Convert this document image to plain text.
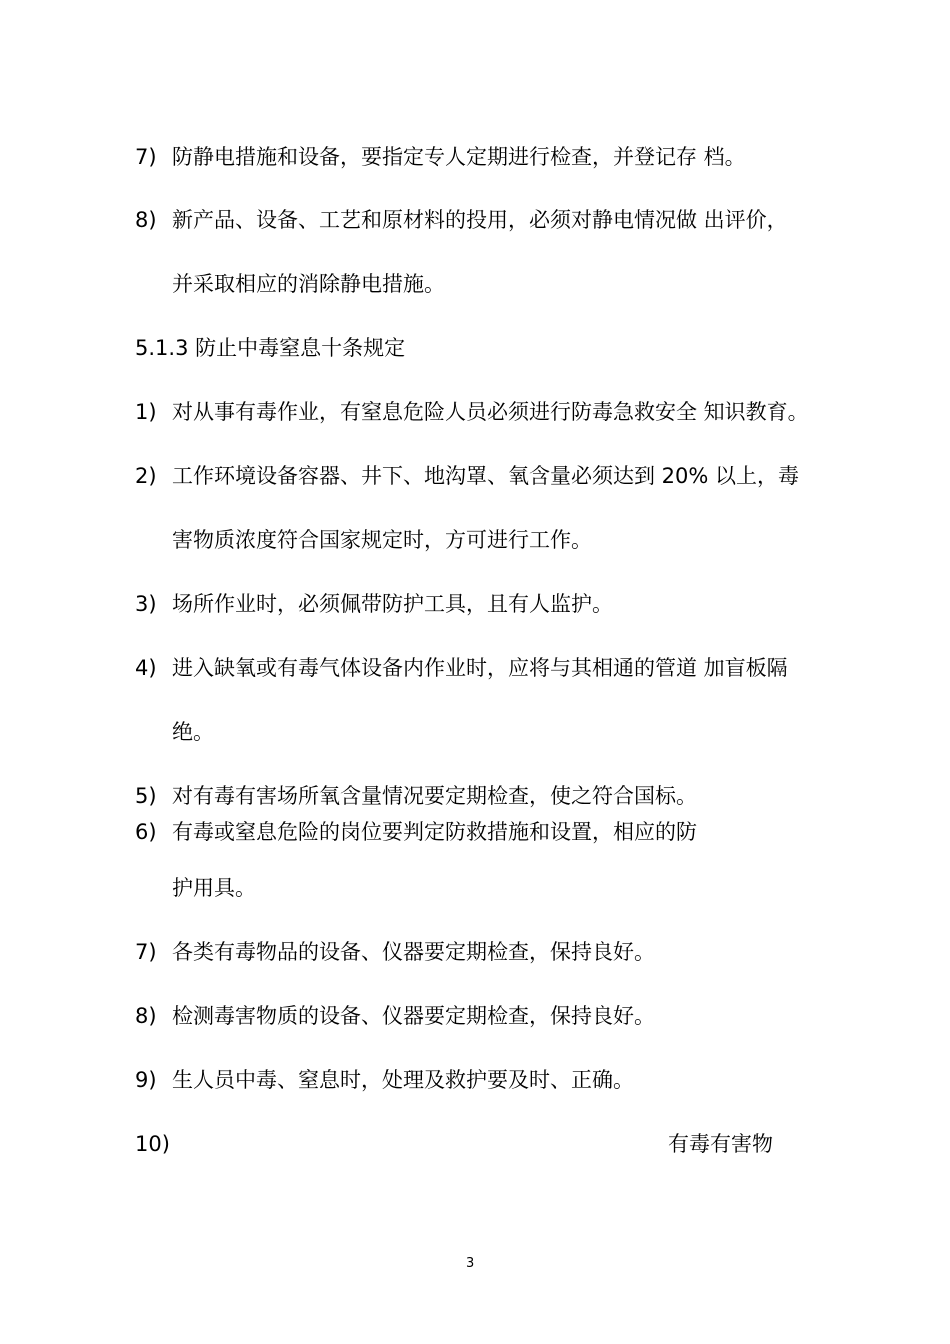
7) 防静电措施和设备，要指定专人定期进行检查，并登记存 档。
8) 新产品、设备、工艺和原材料的投用，必须对静电情况做 出评价，
并采取相应的消除静电措施。
5.1.3 防止中毒窒息十条规定
1) 对从事有毒作业，有窒息危险人员必须进行防毒急救安全 知识教育。
2) 工作环境设备容器、井下、地沟罩、氧含量必须达到 20% 以上，毒
害物质浓度符合国家规定时，方可进行工作。
3) 场所作业时，必须佩带防护工具，且有人监护。
4) 进入缺氧或有毒气体设备内作业时，应将与其相通的管道 加盲板隔
绝。
5) 对有毒有害场所氧含量情况要定期检查，使之符合国标。
6) 有毒或窒息危险的岗位要判定防救措施和设置，相应的防
护用具。
7) 各类有毒物品的设备、仪器要定期检查，保持良好。
8) 检测毒害物质的设备、仪器要定期检查，保持良好。
9) 生人员中毒、窒息时，处理及救护要及时、正确。
10)	有毒有害物
3
